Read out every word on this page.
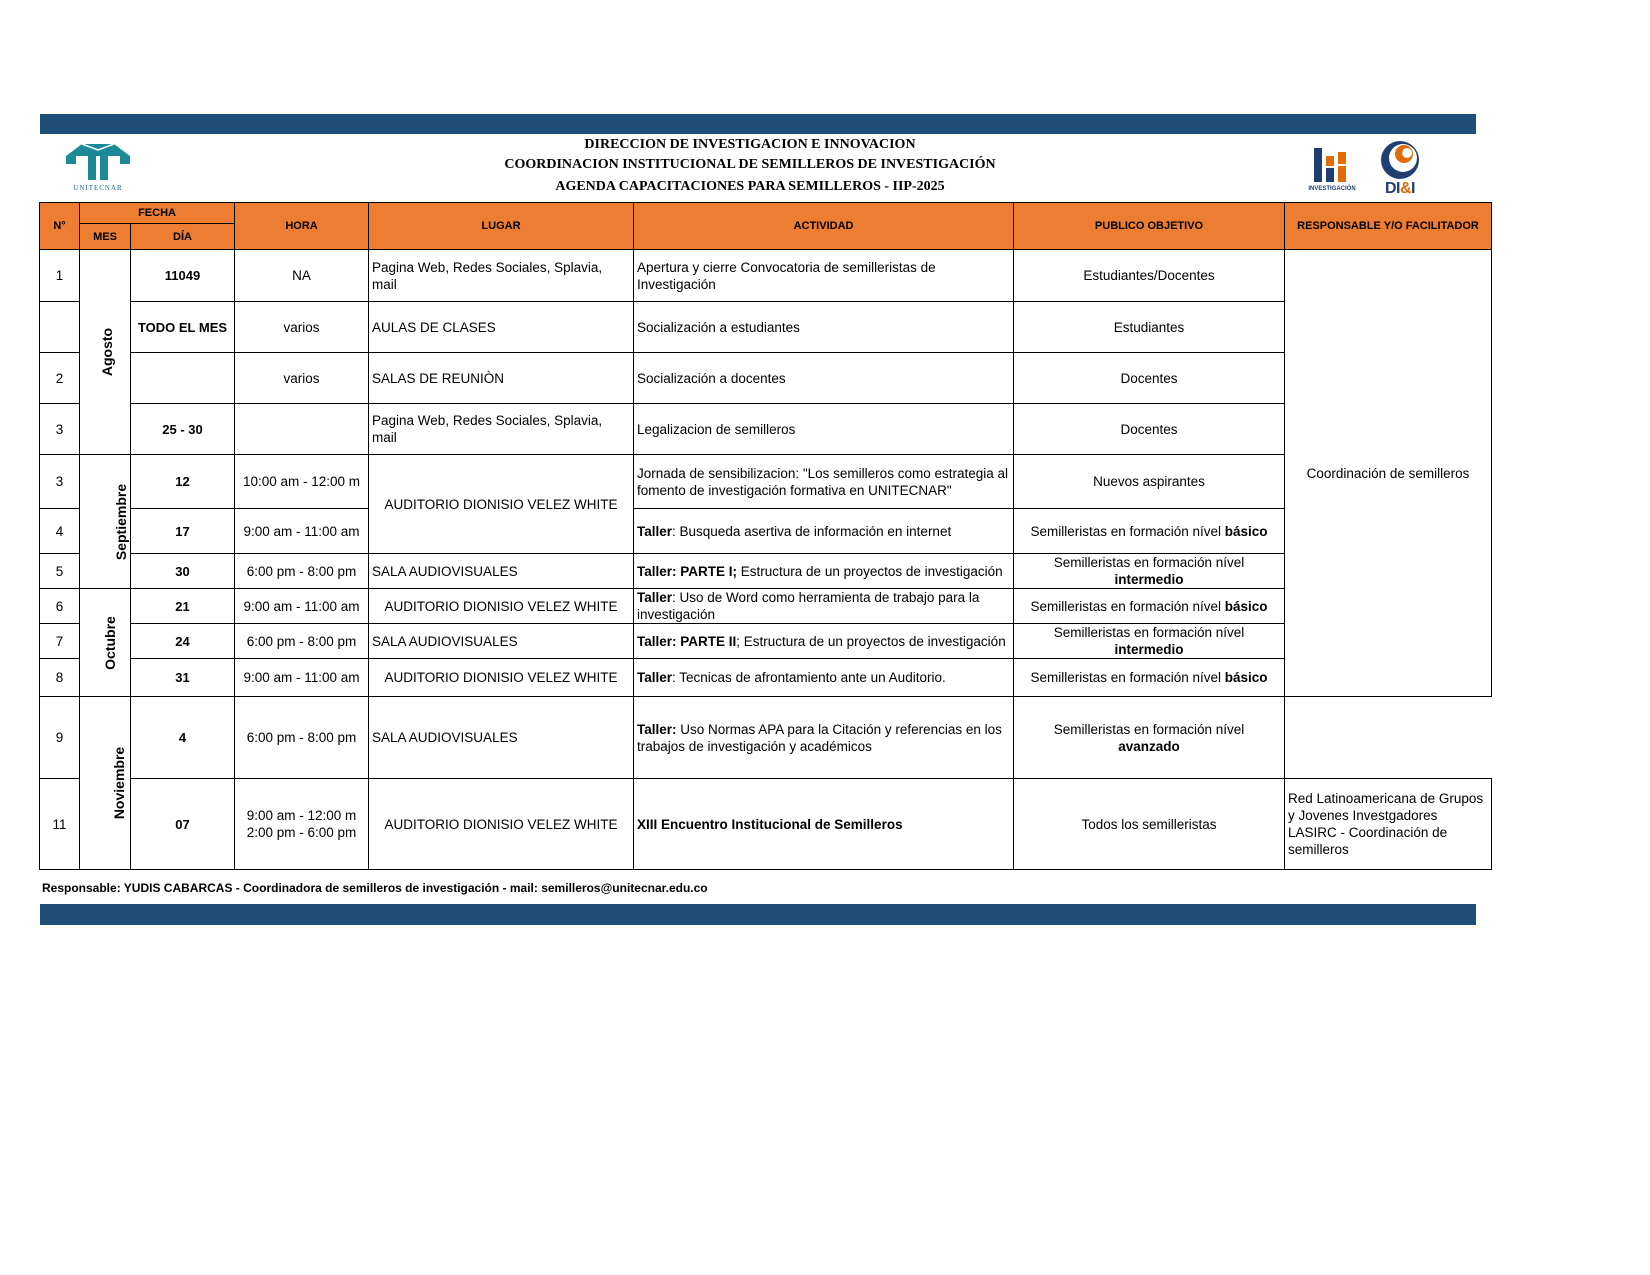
UNITECNAR
DIRECCION DE INVESTIGACION E INNOVACION
COORDINACION INSTITUCIONAL DE SEMILLEROS DE INVESTIGACIÓN
AGENDA CAPACITACIONES PARA SEMILLEROS - IIP-2025	INVESTIGACIÓN	DI&I
N°	FECHA		HORA	LUGAR	ACTIVIDAD	PUBLICO OBJETIVO	RESPONSABLE Y/O FACILITADOR
	MES	DÍA					
1	Agosto	11049	NA	Pagina Web, Redes Sociales, Splavia, mail	Apertura y cierre Convocatoria de semilleristas de Investigación	Estudiantes/Docentes	Coordinación de semilleros
		TODO EL MES	varios	AULAS DE CLASES	Socialización a estudiantes	Estudiantes	
2			varios	SALAS DE REUNIÒN	Socialización a docentes	Docentes	
3		25 - 30		Pagina Web, Redes Sociales, Splavia, mail	Legalizacion de semilleros	Docentes	
3	Septiembre	12	10:00 am - 12:00 m	AUDITORIO DIONISIO VELEZ WHITE	Jornada de sensibilizacion: "Los semilleros como estrategia al fomento de investigación formativa en UNITECNAR"	Nuevos aspirantes	
4		17	9:00 am - 11:00 am		Taller: Busqueda asertiva de información en internet	Semilleristas en formación nível básico	
5		30	6:00 pm - 8:00 pm	SALA AUDIOVISUALES	Taller: PARTE I; Estructura de un proyectos de investigación	Semilleristas en formación nível
intermedio	
6	Octubre	21	9:00 am - 11:00 am	AUDITORIO DIONISIO VELEZ WHITE	Taller: Uso de Word como herramienta de trabajo para la investigación	Semilleristas en formación nível básico	
7		24	6:00 pm - 8:00 pm	SALA AUDIOVISUALES	Taller: PARTE II; Estructura de un proyectos de investigación	Semilleristas en formación nível
intermedio	
8		31	9:00 am - 11:00 am	AUDITORIO DIONISIO VELEZ WHITE	Taller: Tecnicas de afrontamiento ante un Auditorio.	Semilleristas en formación nível básico	
9	Noviembre	4	6:00 pm - 8:00 pm	SALA AUDIOVISUALES	Taller: Uso Normas APA para la Citación y referencias en los trabajos de investigación y académicos	Semilleristas en formación nível
avanzado	
11		07	9:00 am - 12:00 m
2:00 pm - 6:00 pm	AUDITORIO DIONISIO VELEZ WHITE	XIII Encuentro Institucional de Semilleros	Todos los semilleristas	Red Latinoamericana de Grupos y Jovenes Investgadores LASIRC - Coordinación de semilleros
Responsable: YUDIS CABARCAS - Coordinadora de semilleros de investigación - mail: semilleros@unitecnar.edu.co
